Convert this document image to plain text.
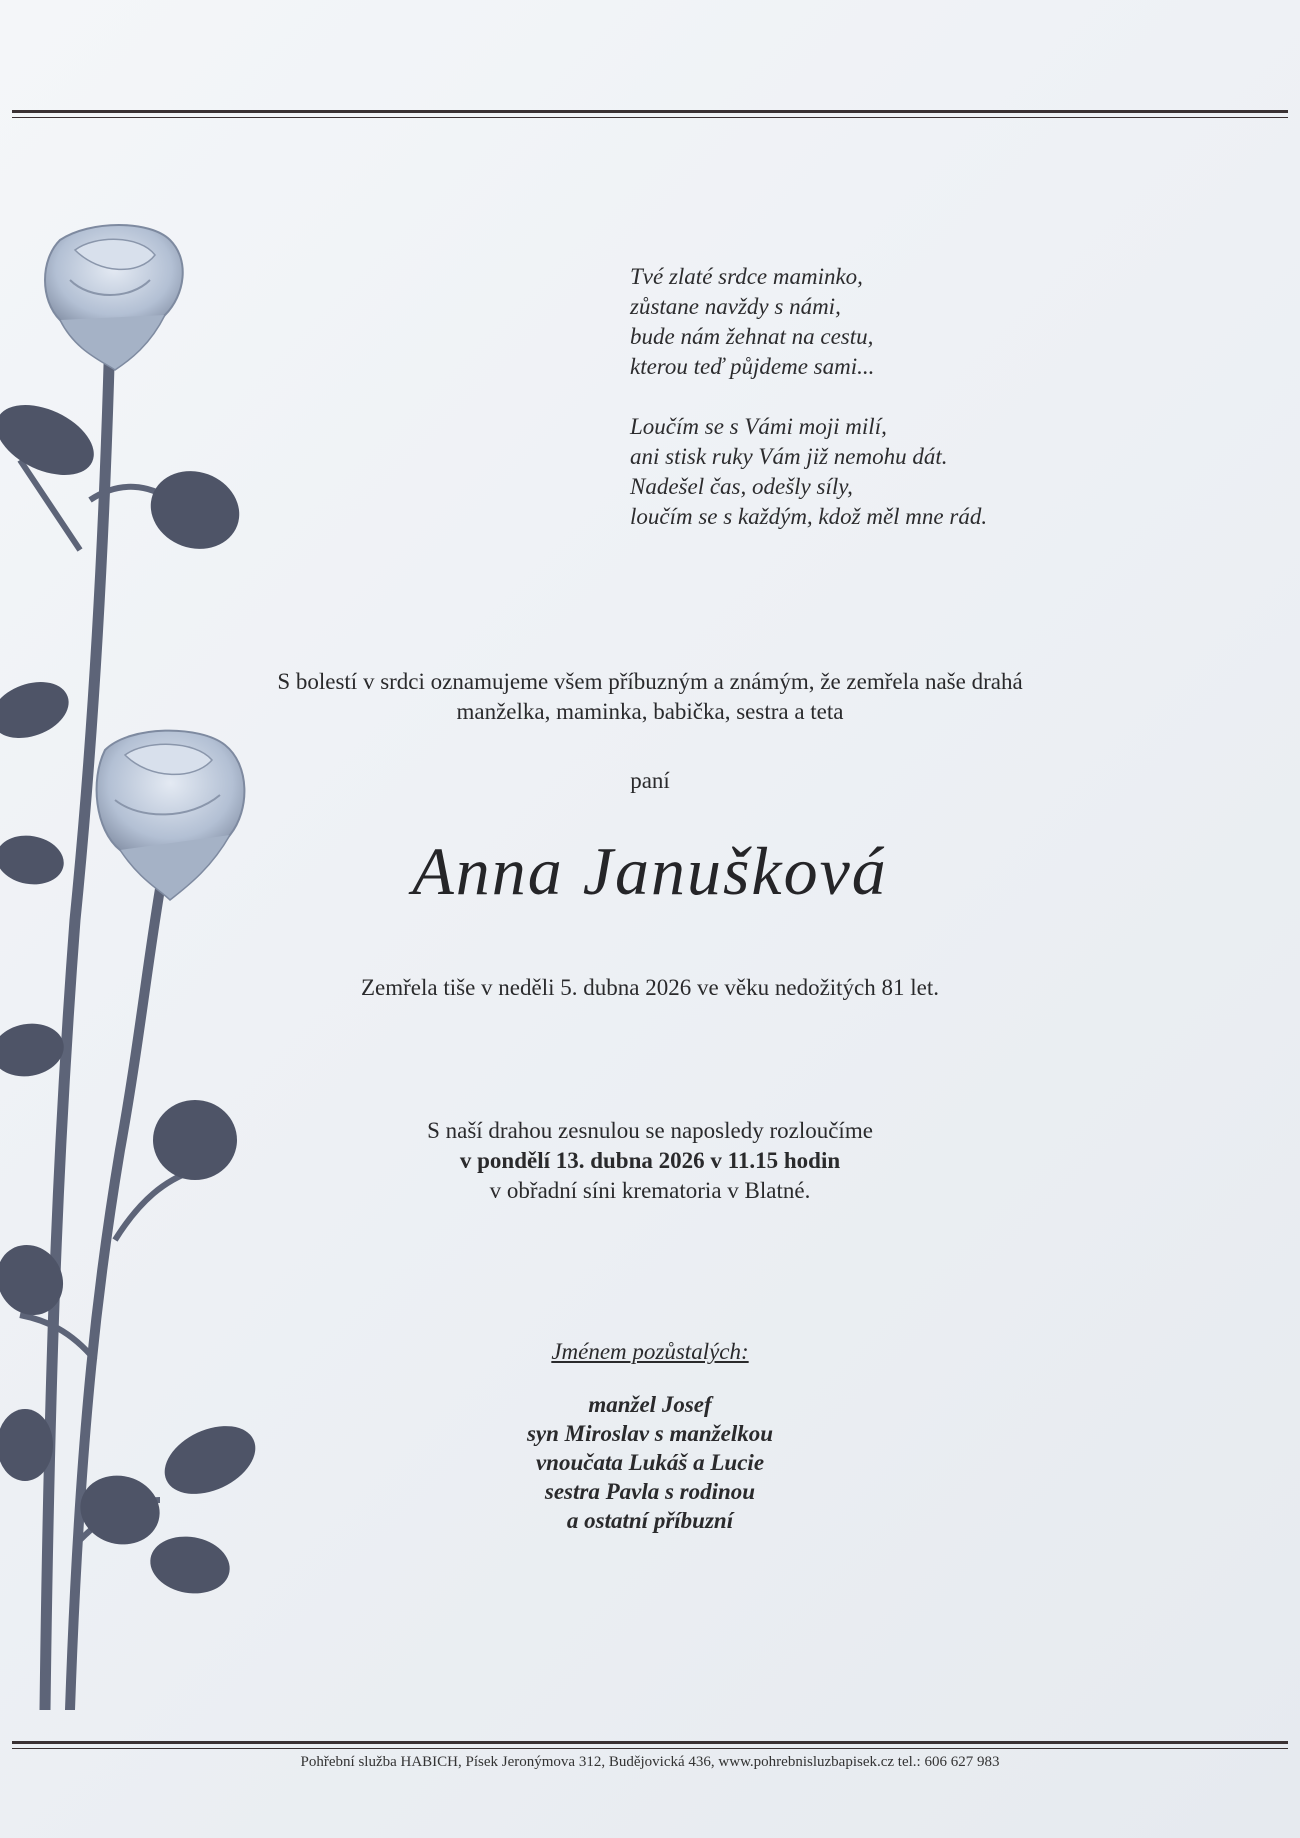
Tvé zlaté srdce maminko,
zůstane navždy s námi,
bude nám žehnat na cestu,
kterou teď půjdeme sami...
Loučím se s Vámi moji milí,
ani stisk ruky Vám již nemohu dát.
Nadešel čas, odešly síly,
loučím se s každým, kdož měl mne rád.
S bolestí v srdci oznamujeme všem příbuzným a známým, že zemřela naše drahá
manželka, maminka, babička, sestra a teta
paní
Anna Janušková
Zemřela tiše v neděli 5. dubna 2026 ve věku nedožitých 81 let.
S naší drahou zesnulou se naposledy rozloučíme
v pondělí 13. dubna 2026 v 11.15 hodin
v obřadní síni krematoria v Blatné.
Jménem pozůstalých:
manžel Josef
syn Miroslav s manželkou
vnoučata Lukáš a Lucie
sestra Pavla s rodinou
a ostatní příbuzní
Pohřební služba HABICH, Písek Jeronýmova 312, Budějovická 436, www.pohrebnisluzbapisek.cz tel.: 606 627 983
